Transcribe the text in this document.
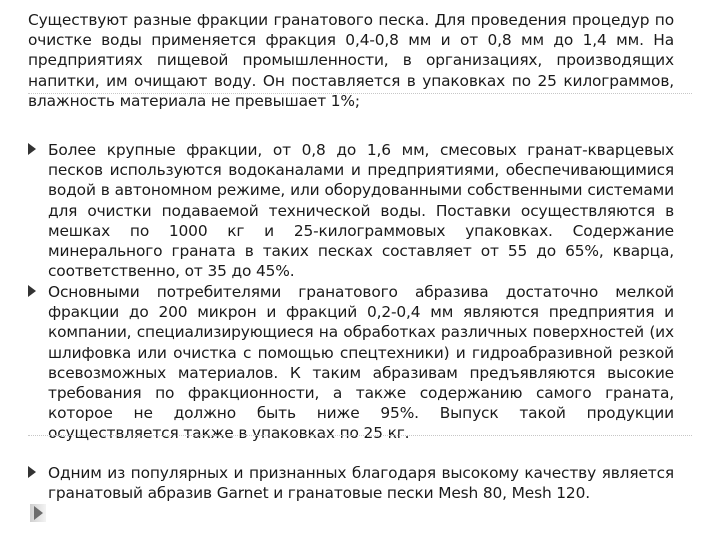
Существуют разные фракции гранатового песка. Для проведения процедур по очистке воды применяется фракция 0,4-0,8 мм и от 0,8 мм до 1,4 мм. На предприятиях пищевой промышленности, в организациях, производящих напитки, им очищают воду. Он поставляется в упаковках по 25 килограммов, влажность материала не превышает 1%;
Более крупные фракции, от 0,8 до 1,6 мм, смесовых гранат-кварцевых песков используются водоканалами и предприятиями, обеспечивающимися водой в автономном режиме, или оборудованными собственными системами для очистки подаваемой технической воды. Поставки осуществляются в мешках по 1000 кг и 25-килограммовых упаковках. Содержание минерального граната в таких песках составляет от 55 до 65%, кварца, соответственно, от 35 до 45%.
Основными потребителями гранатового абразива достаточно мелкой фракции до 200 микрон и фракций 0,2-0,4 мм являются предприятия и компании, специализирующиеся на обработках различных поверхностей (их шлифовка или очистка с помощью спецтехники) и гидроабразивной резкой всевозможных материалов. К таким абразивам предъявляются высокие требования по фракционности, а также содержанию самого граната, которое не должно быть ниже 95%. Выпуск такой продукции осуществляется также в упаковках по 25 кг.
Одним из популярных и признанных благодаря высокому качеству является гранатовый абразив Garnet и гранатовые пески Mesh 80, Mesh 120.
